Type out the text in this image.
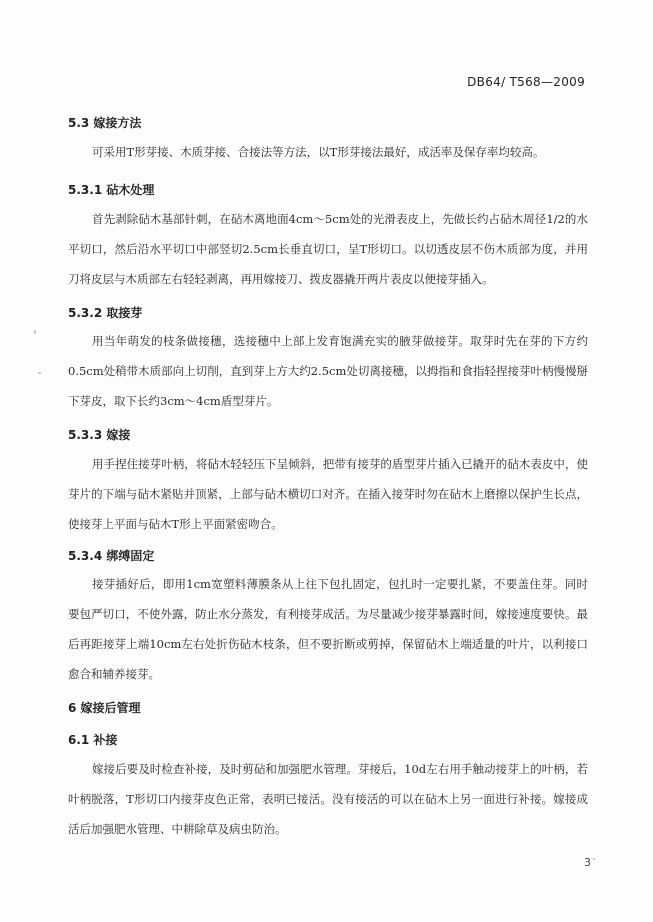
DB64/ T568—2009
5.3 嫁接方法
可采用T形芽接、木质芽接、合接法等方法，以T形芽接法最好，成活率及保存率均较高。
5.3.1 砧木处理
首先剥除砧木基部针刺，在砧木离地面4cm～5cm处的光滑表皮上，先做长约占砧木周径1/2的水平切口，然后沿水平切口中部竖切2.5cm长垂直切口，呈T形切口。以切透皮层不伤木质部为度，并用刀将皮层与木质部左右轻轻剥离，再用嫁接刀、拨皮器撬开两片表皮以便接芽插入。
5.3.2 取接芽
用当年萌发的枝条做接穗，选接穗中上部上发育饱满充实的腋芽做接芽。取芽时先在芽的下方约0.5cm处稍带木质部向上切削，直到芽上方大约2.5cm处切离接穗，以拇指和食指轻捏接芽叶柄慢慢掰下芽皮，取下长约3cm～4cm盾型芽片。
5.3.3 嫁接
用手捏住接芽叶柄，将砧木轻轻压下呈倾斜，把带有接芽的盾型芽片插入已撬开的砧木表皮中，使芽片的下端与砧木紧贴并顶紧，上部与砧木横切口对齐。在插入接芽时勿在砧木上磨擦以保护生长点，使接芽上平面与砧木T形上平面紧密吻合。
5.3.4 绑缚固定
接芽插好后，即用1cm宽塑料薄膜条从上往下包扎固定，包扎时一定要扎紧，不要盖住芽。同时要包严切口，不使外露，防止水分蒸发，有利接芽成活。为尽量减少接芽暴露时间，嫁接速度要快。最后再距接芽上端10cm左右处折伤砧木枝条，但不要折断或剪掉，保留砧木上端适量的叶片，以利接口愈合和辅养接芽。
6 嫁接后管理
6.1 补接
嫁接后要及时检查补接，及时剪砧和加强肥水管理。芽接后，10d左右用手触动接芽上的叶柄，若叶柄脱落，T形切口内接芽皮色正常，表明已接活。没有接活的可以在砧木上另一面进行补接。嫁接成活后加强肥水管理、中耕除草及病虫防治。
3
